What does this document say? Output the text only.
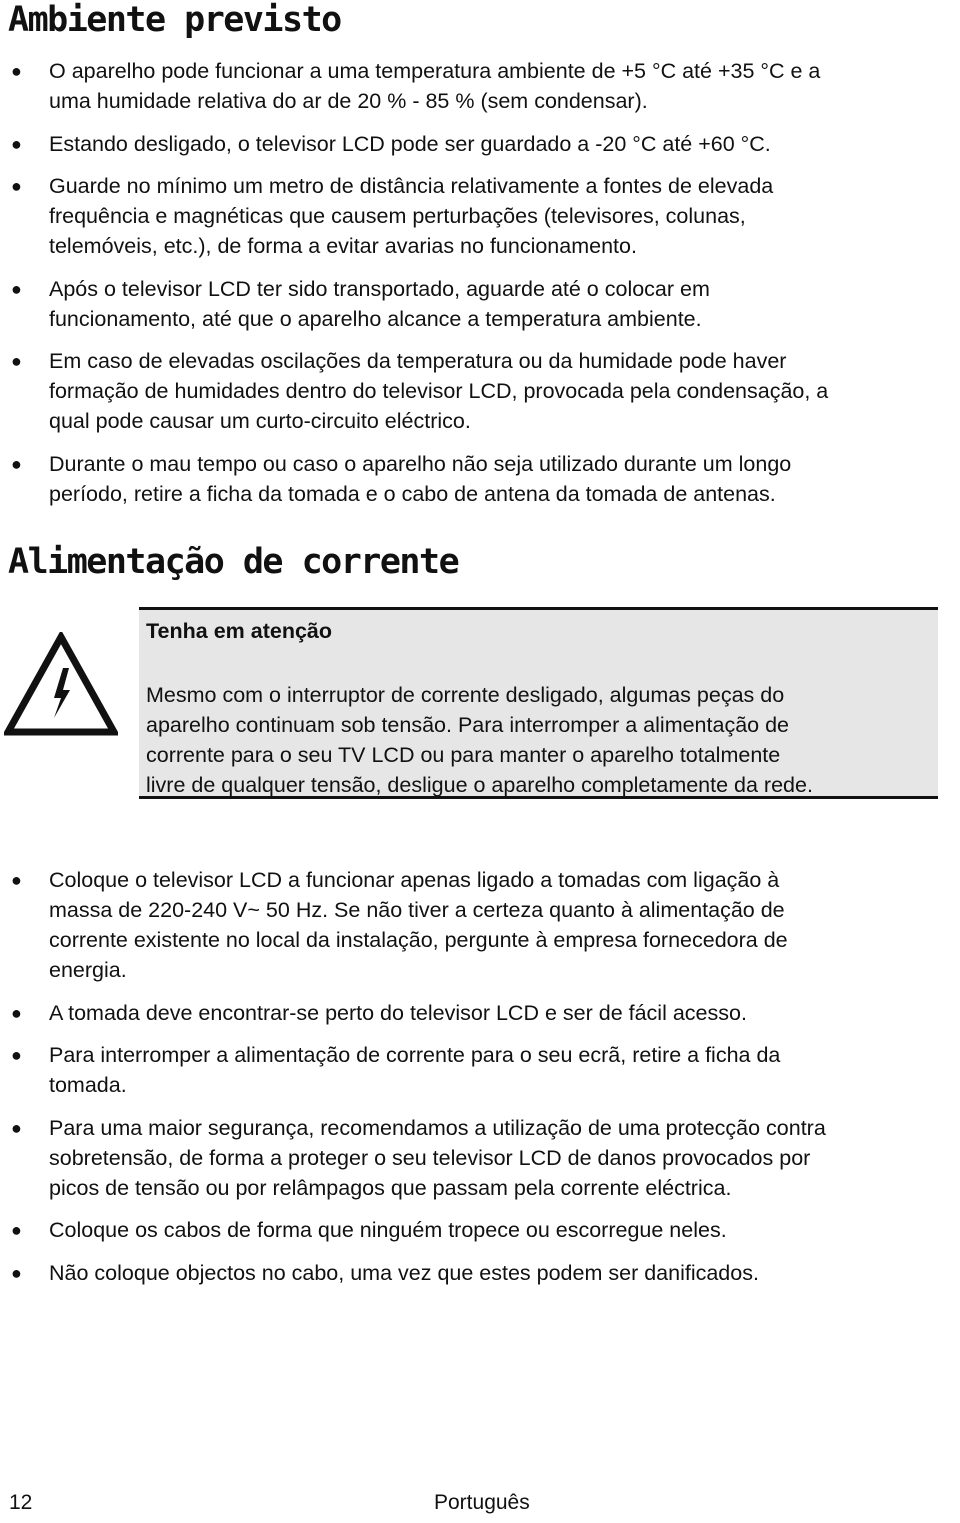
Ambiente previsto
● O aparelho pode funcionar a uma temperatura ambiente de +5 °C até +35 °C e a
uma humidade relativa do ar de 20 % - 85 % (sem condensar).
● Estando desligado, o televisor LCD pode ser guardado a -20 °C até +60 °C.
● Guarde no mínimo um metro de distância relativamente a fontes de elevada
frequência e magnéticas que causem perturbações (televisores, colunas,
telemóveis, etc.), de forma a evitar avarias no funcionamento.
● Após o televisor LCD ter sido transportado, aguarde até o colocar em
funcionamento, até que o aparelho alcance a temperatura ambiente.
● Em caso de elevadas oscilações da temperatura ou da humidade pode haver
formação de humidades dentro do televisor LCD, provocada pela condensação, a
qual pode causar um curto-circuito eléctrico.
● Durante o mau tempo ou caso o aparelho não seja utilizado durante um longo
período, retire a ficha da tomada e o cabo de antena da tomada de antenas.
Alimentação de corrente
Tenha em atenção
Mesmo com o interruptor de corrente desligado, algumas peças do
aparelho continuam sob tensão. Para interromper a alimentação de
corrente para o seu TV LCD ou para manter o aparelho totalmente
livre de qualquer tensão, desligue o aparelho completamente da rede.
● Coloque o televisor LCD a funcionar apenas ligado a tomadas com ligação à
massa de 220-240 V~ 50 Hz. Se não tiver a certeza quanto à alimentação de
corrente existente no local da instalação, pergunte à empresa fornecedora de
energia.
● A tomada deve encontrar-se perto do televisor LCD e ser de fácil acesso.
● Para interromper a alimentação de corrente para o seu ecrã, retire a ficha da
tomada.
● Para uma maior segurança, recomendamos a utilização de uma protecção contra
sobretensão, de forma a proteger o seu televisor LCD de danos provocados por
picos de tensão ou por relâmpagos que passam pela corrente eléctrica.
● Coloque os cabos de forma que ninguém tropece ou escorregue neles.
● Não coloque objectos no cabo, uma vez que estes podem ser danificados.
12	Português
